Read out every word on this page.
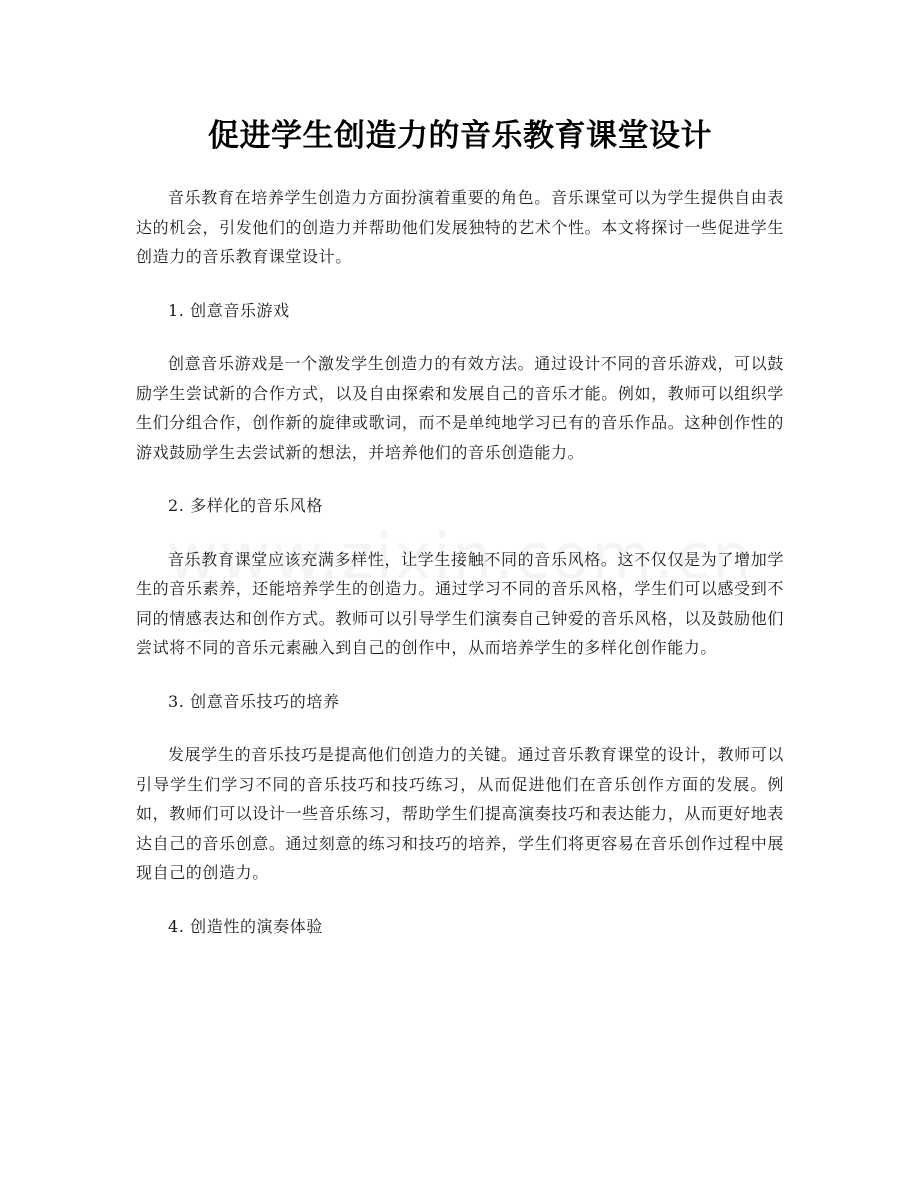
促进学生创造力的音乐教育课堂设计

音乐教育在培养学生创造力方面扮演着重要的角色。音乐课堂可以为学生提供自由表达的机会，引发他们的创造力并帮助他们发展独特的艺术个性。本文将探讨一些促进学生创造力的音乐教育课堂设计。

1. 创意音乐游戏

创意音乐游戏是一个激发学生创造力的有效方法。通过设计不同的音乐游戏，可以鼓励学生尝试新的合作方式，以及自由探索和发展自己的音乐才能。例如，教师可以组织学生们分组合作，创作新的旋律或歌词，而不是单纯地学习已有的音乐作品。这种创作性的游戏鼓励学生去尝试新的想法，并培养他们的音乐创造能力。

2. 多样化的音乐风格

音乐教育课堂应该充满多样性，让学生接触不同的音乐风格。这不仅仅是为了增加学生的音乐素养，还能培养学生的创造力。通过学习不同的音乐风格，学生们可以感受到不同的情感表达和创作方式。教师可以引导学生们演奏自己钟爱的音乐风格，以及鼓励他们尝试将不同的音乐元素融入到自己的创作中，从而培养学生的多样化创作能力。

3. 创意音乐技巧的培养

发展学生的音乐技巧是提高他们创造力的关键。通过音乐教育课堂的设计，教师可以引导学生们学习不同的音乐技巧和技巧练习，从而促进他们在音乐创作方面的发展。例如，教师们可以设计一些音乐练习，帮助学生们提高演奏技巧和表达能力，从而更好地表达自己的音乐创意。通过刻意的练习和技巧的培养，学生们将更容易在音乐创作过程中展现自己的创造力。

4. 创造性的演奏体验
